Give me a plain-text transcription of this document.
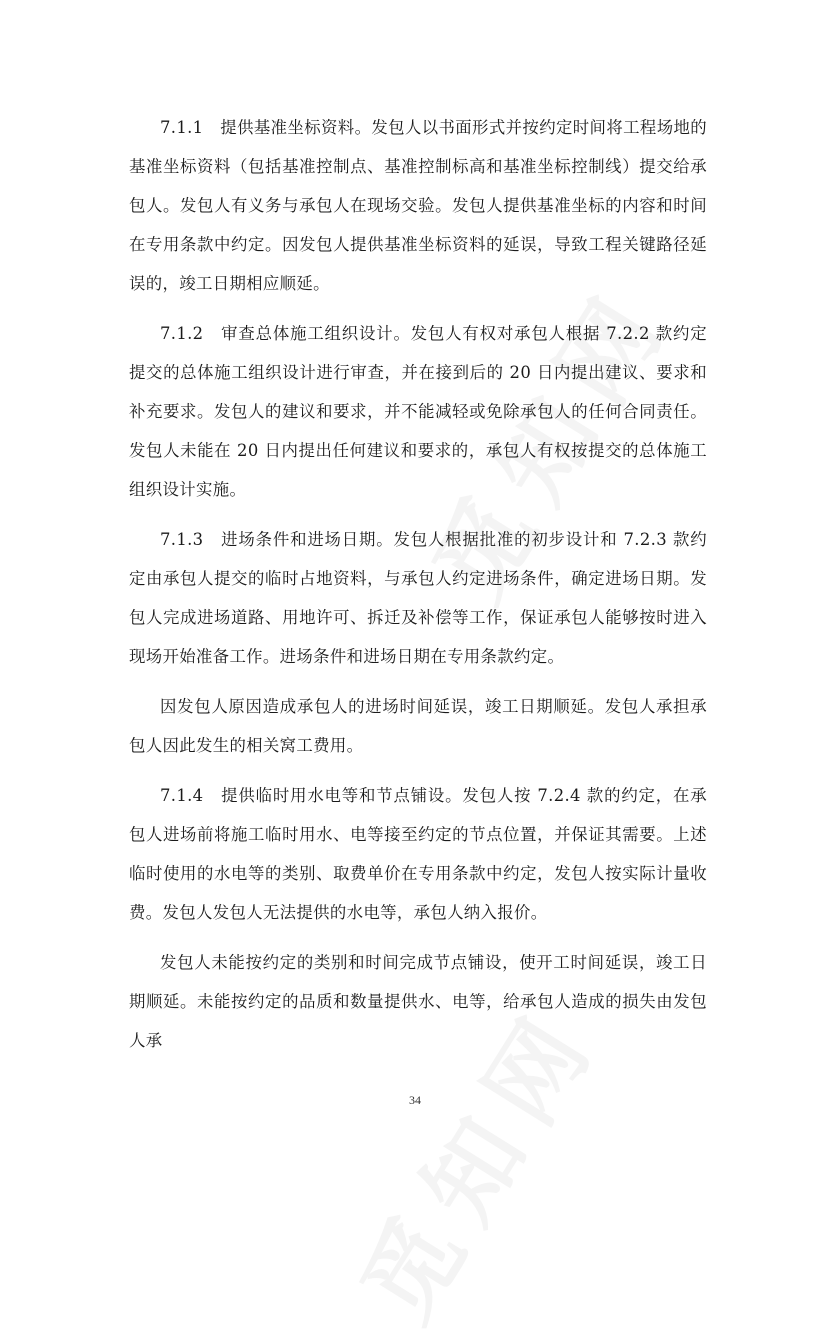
7.1.1　提供基准坐标资料。发包人以书面形式并按约定时间将工程场地的基准坐标资料（包括基准控制点、基准控制标高和基准坐标控制线）提交给承包人。发包人有义务与承包人在现场交验。发包人提供基准坐标的内容和时间在专用条款中约定。因发包人提供基准坐标资料的延误，导致工程关键路径延误的，竣工日期相应顺延。

7.1.2　审查总体施工组织设计。发包人有权对承包人根据 7.2.2 款约定提交的总体施工组织设计进行审查，并在接到后的 20 日内提出建议、要求和补充要求。发包人的建议和要求，并不能减轻或免除承包人的任何合同责任。发包人未能在 20 日内提出任何建议和要求的，承包人有权按提交的总体施工组织设计实施。

7.1.3　进场条件和进场日期。发包人根据批准的初步设计和 7.2.3 款约定由承包人提交的临时占地资料，与承包人约定进场条件，确定进场日期。发包人完成进场道路、用地许可、拆迁及补偿等工作，保证承包人能够按时进入现场开始准备工作。进场条件和进场日期在专用条款约定。

因发包人原因造成承包人的进场时间延误，竣工日期顺延。发包人承担承包人因此发生的相关窝工费用。

7.1.4　提供临时用水电等和节点铺设。发包人按 7.2.4 款的约定，在承包人进场前将施工临时用水、电等接至约定的节点位置，并保证其需要。上述临时使用的水电等的类别、取费单价在专用条款中约定，发包人按实际计量收费。发包人发包人无法提供的水电等，承包人纳入报价。

发包人未能按约定的类别和时间完成节点铺设，使开工时间延误，竣工日期顺延。未能按约定的品质和数量提供水、电等，给承包人造成的损失由发包人承

34
